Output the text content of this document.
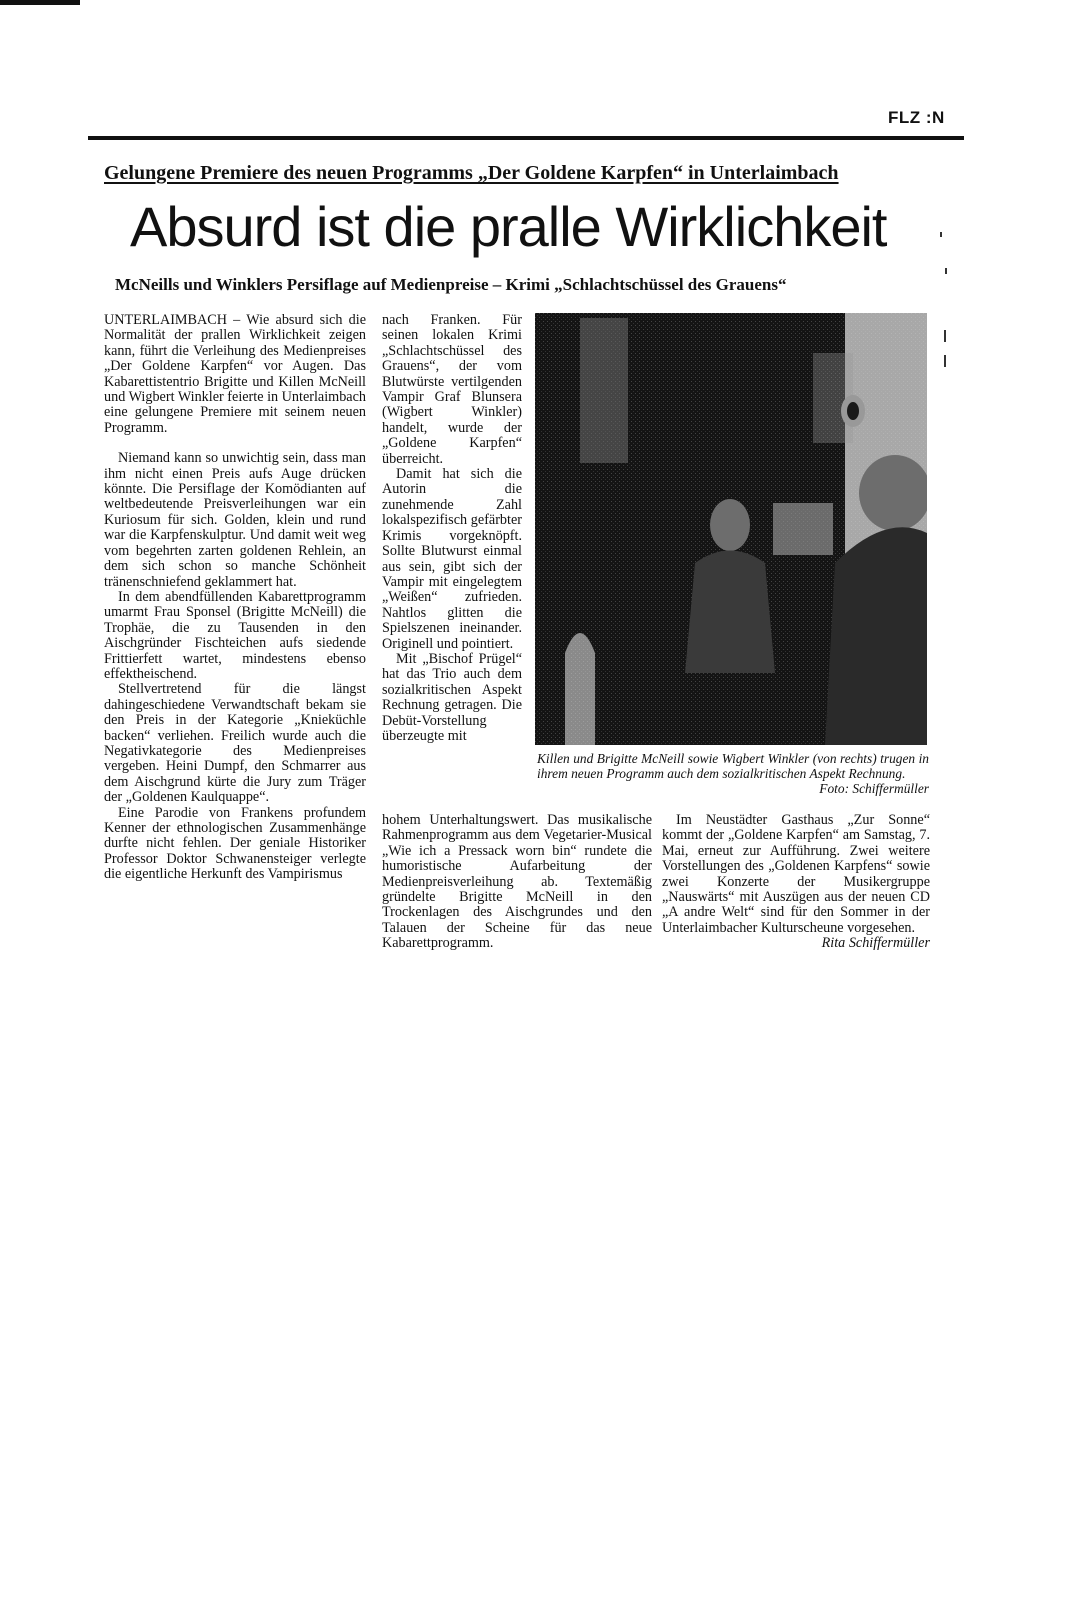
FLZ :N
Gelungene Premiere des neuen Programms „Der Goldene Karpfen“ in Unterlaimbach
Absurd ist die pralle Wirklichkeit
McNeills und Winklers Persiflage auf Medienpreise – Krimi „Schlachtschüssel des Grauens“

UNTERLAIMBACH – Wie absurd sich die Normalität der prallen Wirklichkeit zeigen kann, führt die Verleihung des Medienpreises „Der Goldene Karpfen“ vor Augen. Das Kabarettistentrio Brigitte und Killen McNeill und Wigbert Winkler feierte in Unterlaimbach eine gelungene Premiere mit seinem neuen Programm.

Niemand kann so unwichtig sein, dass man ihm nicht einen Preis aufs Auge drücken könnte. Die Persiflage der Komödianten auf weltbedeutende Preisverleihungen war ein Kuriosum für sich. Golden, klein und rund war die Karpfenskulptur. Und damit weit weg vom begehrten zarten goldenen Rehlein, an dem sich schon so manche Schönheit tränenschniefend geklammert hat.

In dem abendfüllenden Kabarettprogramm umarmt Frau Sponsel (Brigitte McNeill) die Trophäe, die zu Tausenden in den Aischgründer Fischteichen aufs siedende Frittierfett wartet, mindestens ebenso effektheischend.

Stellvertretend für die längst dahingeschiedene Verwandtschaft bekam sie den Preis in der Kategorie „Knieküchle backen“ verliehen. Freilich wurde auch die Negativkategorie des Medienpreises vergeben. Heini Dumpf, den Schmarrer aus dem Aischgrund kürte die Jury zum Träger der „Goldenen Kaulquappe“.

Eine Parodie von Frankens profundem Kenner der ethnologischen Zusammenhänge durfte nicht fehlen. Der geniale Historiker Professor Doktor Schwanensteiger verlegte die eigentliche Herkunft des Vampirismus

nach Franken. Für seinen lokalen Krimi „Schlachtschüssel des Grauens“, der vom Blutwürste vertilgenden Vampir Graf Blunsera (Wigbert Winkler) handelt, wurde der „Goldene Karpfen“ überreicht.

Damit hat sich die Autorin die zunehmende Zahl lokalspezifisch gefärbter Krimis vorgeknöpft. Sollte Blutwurst einmal aus sein, gibt sich der Vampir mit eingelegtem „Weißen“ zufrieden. Nahtlos glitten die Spielszenen ineinander. Originell und pointiert.

Mit „Bischof Prügel“ hat das Trio auch dem sozialkritischen Aspekt Rechnung getragen. Die Debüt-Vorstellung überzeugte mit

hohem Unterhaltungswert. Das musikalische Rahmenprogramm aus dem Vegetarier-Musical „Wie ich a Pressack worn bin“ rundete die humoristische Aufarbeitung der Medienpreisverleihung ab. Textemäßig gründelte Brigitte McNeill in den Trockenlagen des Aischgrundes und den Talauen der Scheine für das neue Kabarettprogramm.

Im Neustädter Gasthaus „Zur Sonne“ kommt der „Goldene Karpfen“ am Samstag, 7. Mai, erneut zur Aufführung. Zwei weitere Vorstellungen des „Goldenen Karpfens“ sowie zwei Konzerte der Musikergruppe „Nauswärts“ mit Auszügen aus der neuen CD „A andre Welt“ sind für den Sommer in der Unterlaimbacher Kulturscheune vorgesehen.

Rita Schiffermüller
Killen und Brigitte McNeill sowie Wigbert Winkler (von rechts) trugen in ihrem neuen Programm auch dem sozialkritischen Aspekt Rechnung.
Foto: Schiffermüller
